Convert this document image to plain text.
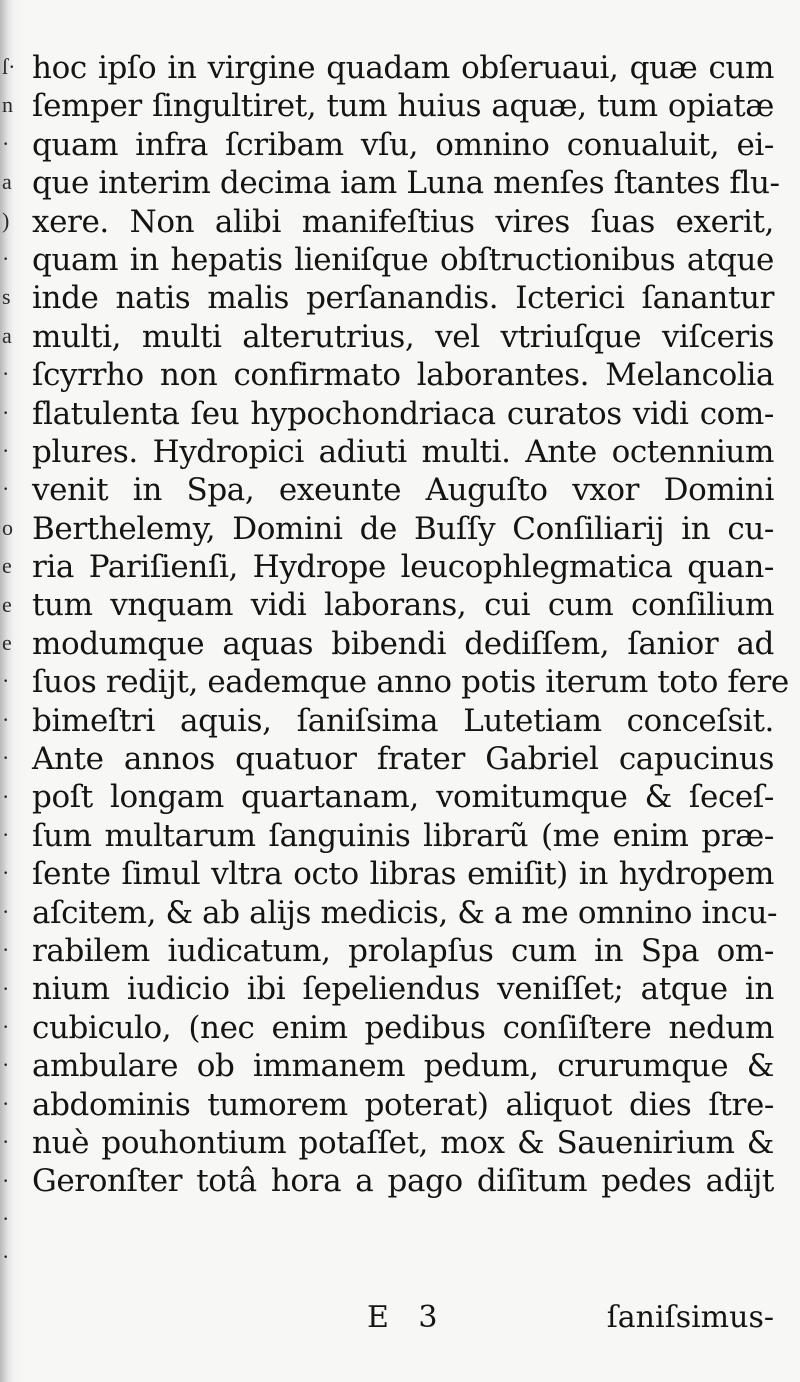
ſ·
n
·
a
)
·
s
a
·
·
·
·
o
e
e
e
·
·
·
·
·
·
·
·
·
·
·
·
·
·
·
·
hoc ipſo in virgine quadam obſeruaui, quæ cum
ſemper ſingultiret, tum huius aquæ, tum opiatæ
quam infra ſcribam vſu, omnino conualuit, ei-
que interim decima iam Luna menſes ſtantes flu-
xere. Non alibi manifeſtius vires ſuas exerit,
quam in hepatis lieniſque obſtructionibus atque
inde natis malis perſanandis. Icterici ſanantur
multi, multi alterutrius, vel vtriuſque viſceris
ſcyrrho non confirmato laborantes. Melancolia
flatulenta ſeu hypochondriaca curatos vidi com-
plures. Hydropici adiuti multi. Ante octennium
venit in Spa, exeunte Auguſto vxor Domini
Berthelemy, Domini de Buſſy Conſiliarij in cu-
ria Pariſienſi, Hydrope leucophlegmatica quan-
tum vnquam vidi laborans, cui cum conſilium
modumque aquas bibendi dediſſem, ſanior ad
ſuos redijt, eademque anno potis iterum toto fere
bimeſtri aquis, ſaniſsima Lutetiam conceſsit.
Ante annos quatuor frater Gabriel capucinus
poſt longam quartanam, vomitumque & ſeceſ-
ſum multarum ſanguinis librarũ (me enim præ-
ſente ſimul vltra octo libras emiſit) in hydropem
aſcitem, & ab alijs medicis, & a me omnino incu-
rabilem iudicatum, prolapſus cum in Spa om-
nium iudicio ibi ſepeliendus veniſſet; atque in
cubiculo, (nec enim pedibus conſiſtere nedum
ambulare ob immanem pedum, crurumque &
abdominis tumorem poterat) aliquot dies ſtre-
nuè pouhontium potaſſet, mox & Sauenirium &
Geronſter totâ hora a pago diſitum pedes adijt
E 3	ſaniſsimus-
